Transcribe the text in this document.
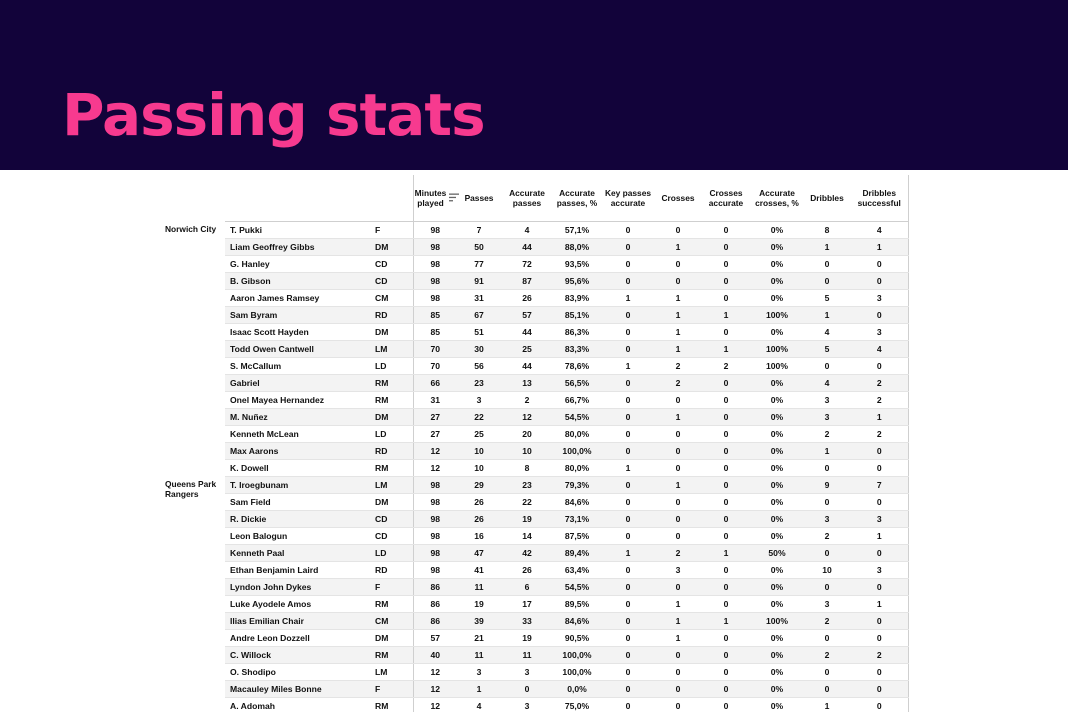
Passing stats

			Minutes played	Passes	Accurate passes	Accurate passes, %	Key passes accurate	Crosses	Crosses accurate	Accurate crosses, %	Dribbles	Dribbles successful
Norwich City	T. Pukki	F	98	7	4	57,1%	0	0	0	0%	8	4
	Liam Geoffrey Gibbs	DM	98	50	44	88,0%	0	1	0	0%	1	1
	G. Hanley	CD	98	77	72	93,5%	0	0	0	0%	0	0
	B. Gibson	CD	98	91	87	95,6%	0	0	0	0%	0	0
	Aaron James Ramsey	CM	98	31	26	83,9%	1	1	0	0%	5	3
	Sam Byram	RD	85	67	57	85,1%	0	1	1	100%	1	0
	Isaac Scott Hayden	DM	85	51	44	86,3%	0	1	0	0%	4	3
	Todd Owen Cantwell	LM	70	30	25	83,3%	0	1	1	100%	5	4
	S. McCallum	LD	70	56	44	78,6%	1	2	2	100%	0	0
	Gabriel	RM	66	23	13	56,5%	0	2	0	0%	4	2
	Onel Mayea Hernandez	RM	31	3	2	66,7%	0	0	0	0%	3	2
	M. Nuñez	DM	27	22	12	54,5%	0	1	0	0%	3	1
	Kenneth McLean	LD	27	25	20	80,0%	0	0	0	0%	2	2
	Max Aarons	RD	12	10	10	100,0%	0	0	0	0%	1	0
	K. Dowell	RM	12	10	8	80,0%	1	0	0	0%	0	0
Queens Park Rangers	T. Iroegbunam	LM	98	29	23	79,3%	0	1	0	0%	9	7
	Sam Field	DM	98	26	22	84,6%	0	0	0	0%	0	0
	R. Dickie	CD	98	26	19	73,1%	0	0	0	0%	3	3
	Leon Balogun	CD	98	16	14	87,5%	0	0	0	0%	2	1
	Kenneth Paal	LD	98	47	42	89,4%	1	2	1	50%	0	0
	Ethan Benjamin Laird	RD	98	41	26	63,4%	0	3	0	0%	10	3
	Lyndon John Dykes	F	86	11	6	54,5%	0	0	0	0%	0	0
	Luke Ayodele Amos	RM	86	19	17	89,5%	0	1	0	0%	3	1
	Ilias Emilian Chair	CM	86	39	33	84,6%	0	1	1	100%	2	0
	Andre Leon Dozzell	DM	57	21	19	90,5%	0	1	0	0%	0	0
	C. Willock	RM	40	11	11	100,0%	0	0	0	0%	2	2
	O. Shodipo	LM	12	3	3	100,0%	0	0	0	0%	0	0
	Macauley Miles Bonne	F	12	1	0	0,0%	0	0	0	0%	0	0
	A. Adomah	RM	12	4	3	75,0%	0	0	0	0%	1	0
